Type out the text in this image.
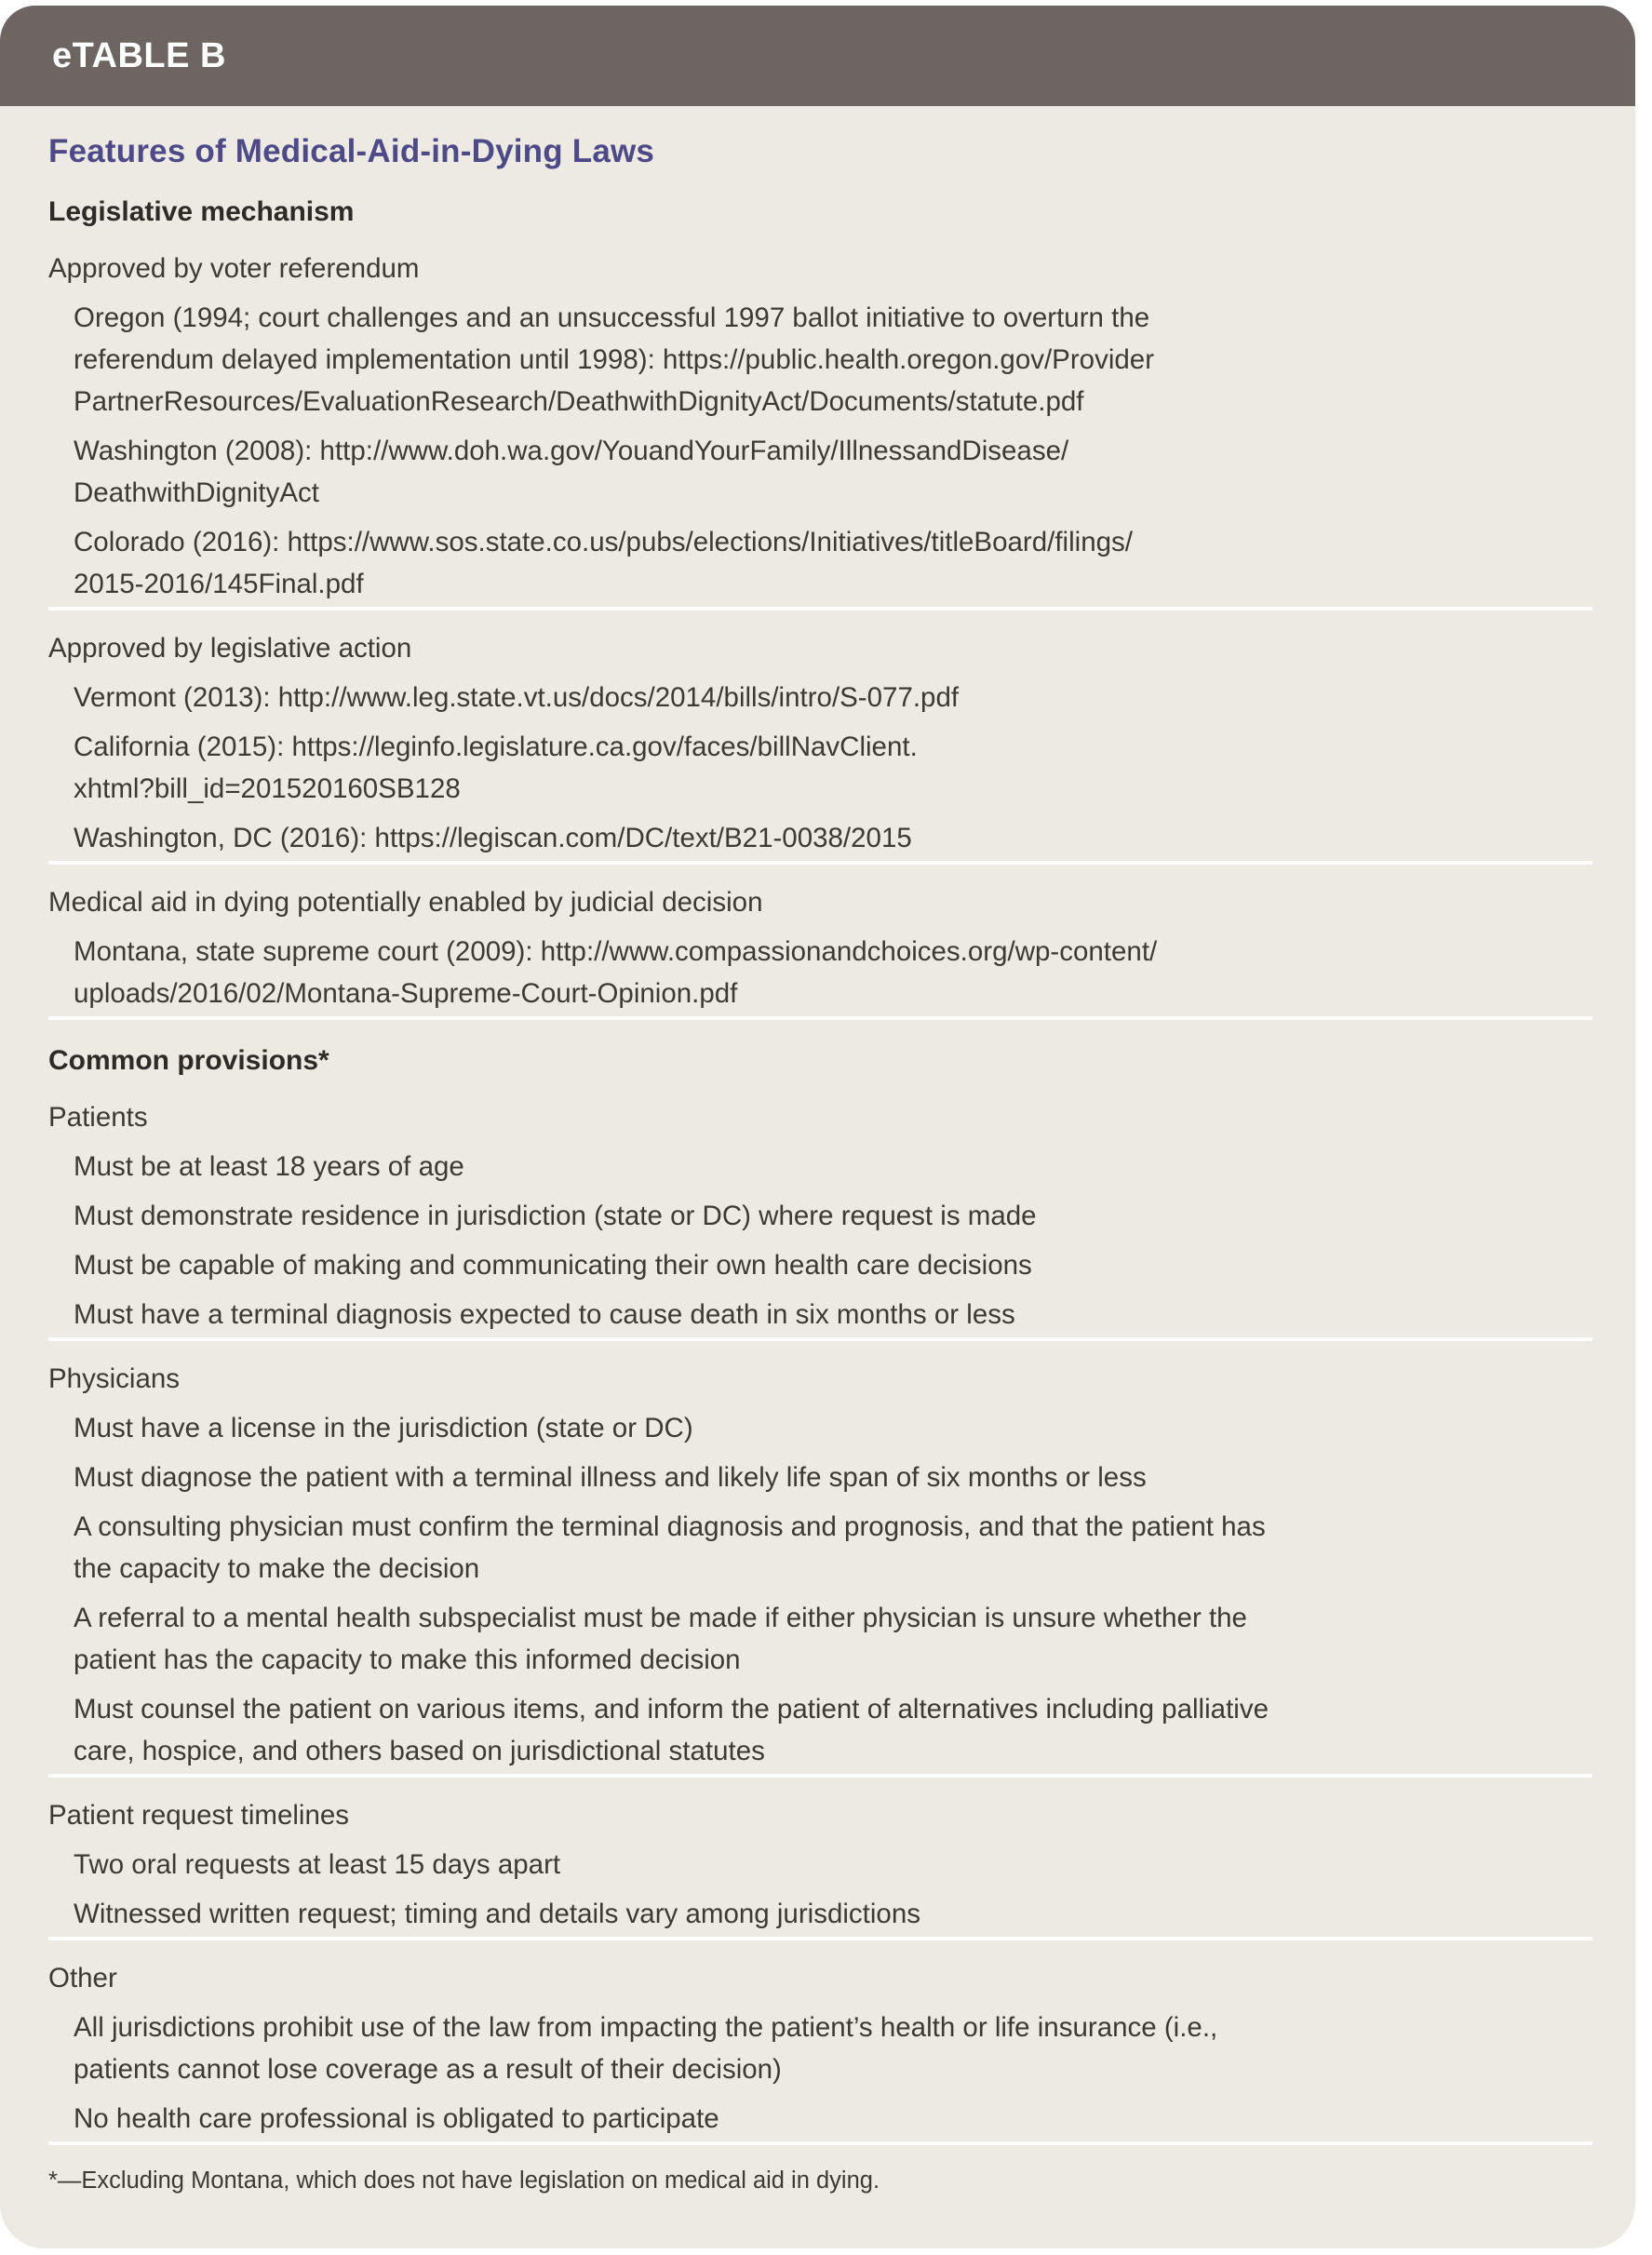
eTABLE B
Features of Medical-Aid-in-Dying Laws
Legislative mechanism
Approved by voter referendum
Oregon (1994; court challenges and an unsuccessful 1997 ballot initiative to overturn the
referendum delayed implementation until 1998): https://public.health.oregon.gov/Provider
PartnerResources/EvaluationResearch/DeathwithDignityAct/Documents/statute.pdf
Washington (2008): http://www.doh.wa.gov/YouandYourFamily/IllnessandDisease/
DeathwithDignityAct
Colorado (2016): https://www.sos.state.co.us/pubs/elections/Initiatives/titleBoard/filings/
2015-2016/145Final.pdf
Approved by legislative action
Vermont (2013): http://www.leg.state.vt.us/docs/2014/bills/intro/S-077.pdf
California (2015): https://leginfo.legislature.ca.gov/faces/billNavClient.
xhtml?bill_id=201520160SB128
Washington, DC (2016): https://legiscan.com/DC/text/B21-0038/2015
Medical aid in dying potentially enabled by judicial decision
Montana, state supreme court (2009): http://www.compassionandchoices.org/wp-content/
uploads/2016/02/Montana-Supreme-Court-Opinion.pdf
Common provisions*
Patients
Must be at least 18 years of age
Must demonstrate residence in jurisdiction (state or DC) where request is made
Must be capable of making and communicating their own health care decisions
Must have a terminal diagnosis expected to cause death in six months or less
Physicians
Must have a license in the jurisdiction (state or DC)
Must diagnose the patient with a terminal illness and likely life span of six months or less
A consulting physician must confirm the terminal diagnosis and prognosis, and that the patient has
the capacity to make the decision
A referral to a mental health subspecialist must be made if either physician is unsure whether the
patient has the capacity to make this informed decision
Must counsel the patient on various items, and inform the patient of alternatives including palliative
care, hospice, and others based on jurisdictional statutes
Patient request timelines
Two oral requests at least 15 days apart
Witnessed written request; timing and details vary among jurisdictions
Other
All jurisdictions prohibit use of the law from impacting the patient’s health or life insurance (i.e.,
patients cannot lose coverage as a result of their decision)
No health care professional is obligated to participate
*—Excluding Montana, which does not have legislation on medical aid in dying.
